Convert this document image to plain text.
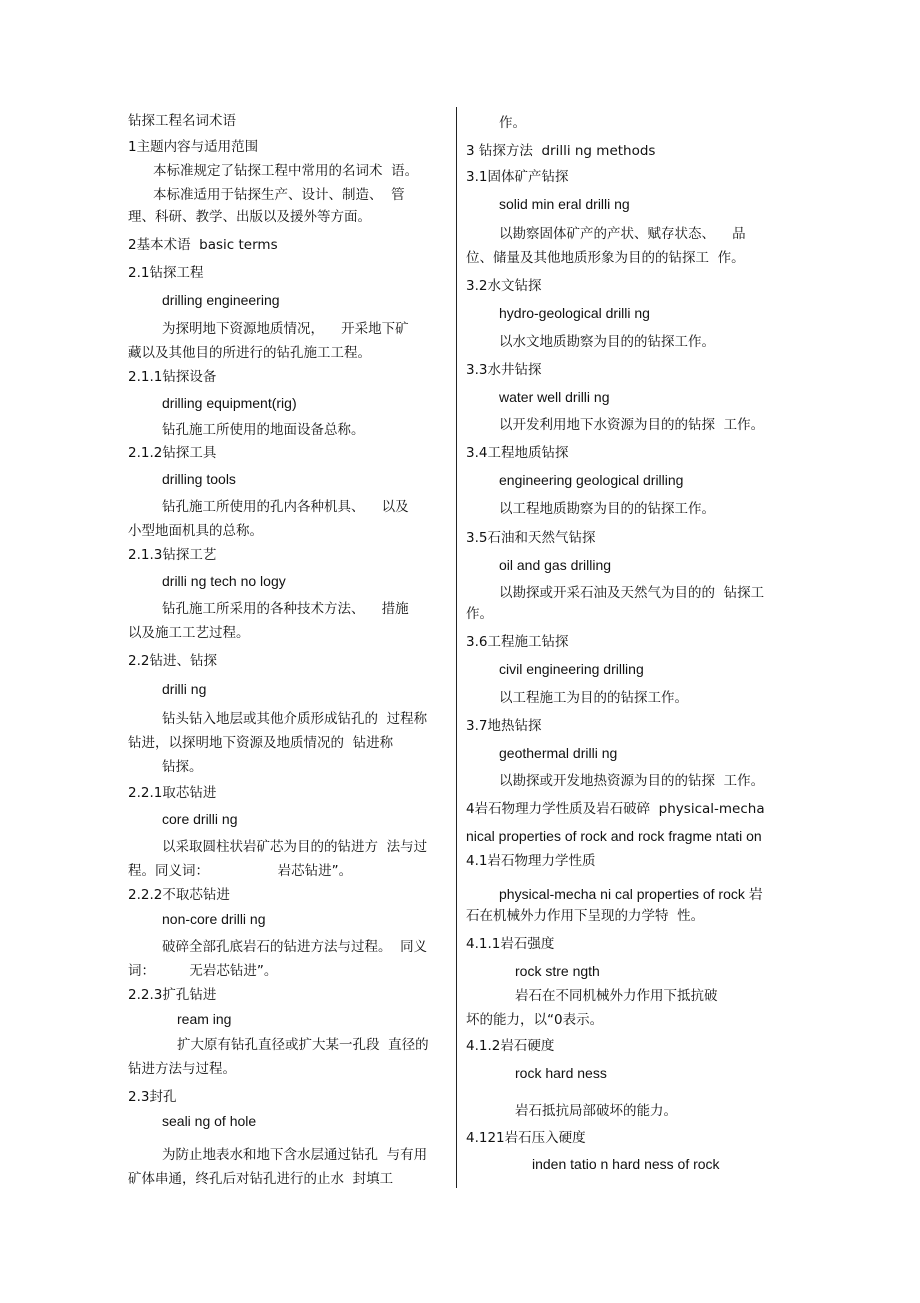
钻探工程名词术语
1主题内容与适用范围
本标准规定了钻探工程中常用的名词术  语。
本标准适用于钻探生产、设计、制造、  管
理、科研、教学、出版以及援外等方面。
2基本术语  basic terms
2.1钻探工程
drilling engineering
为探明地下资源地质情况，    开采地下矿
藏以及其他目的所进行的钻孔施工工程。
2.1.1钻探设备
drilling equipment(rig)
钻孔施工所使用的地面设备总称。
2.1.2钻探工具
drilling tools
钻孔施工所使用的孔内各种机具、    以及
小型地面机具的总称。
2.1.3钻探工艺
drilli ng tech no logy
钻孔施工所采用的各种技术方法、    措施
以及施工工艺过程。
2.2钻进、钻探
drilli ng
钻头钻入地层或其他介质形成钻孔的  过程称
钻进，以探明地下资源及地质情况的  钻进称
钻探。
2.2.1取芯钻进
core drilli ng
以采取圆柱状岩矿芯为目的的钻进方  法与过
程。同义词：                岩芯钻进”。
2.2.2不取芯钻进
non-core drilli ng
破碎全部孔底岩石的钻进方法与过程。  同义
词：        无岩芯钻进”。
2.2.3扩孔钻进
ream ing
扩大原有钻孔直径或扩大某一孔段  直径的
钻进方法与过程。
2.3封孔
seali ng of hole
为防止地表水和地下含水层通过钻孔  与有用
矿体串通，终孔后对钻孔进行的止水  封填工
作。
3 钻探方法  drilli ng methods
3.1固体矿产钻探
solid min eral drilli ng
以勘察固体矿产的产状、赋存状态、    品
位、储量及其他地质形象为目的的钻探工  作。
3.2水文钻探
hydro-geological drilli ng
以水文地质勘察为目的的钻探工作。
3.3水井钻探
water well drilli ng
以开发利用地下水资源为目的的钻探  工作。
3.4工程地质钻探
engineering geological drilling
以工程地质勘察为目的的钻探工作。
3.5石油和天然气钻探
oil and gas drilling
以勘探或开采石油及天然气为目的的  钻探工
作。
3.6工程施工钻探
civil engineering drilling
以工程施工为目的的钻探工作。
3.7地热钻探
geothermal drilli ng
以勘探或开发地热资源为目的的钻探  工作。
4岩石物理力学性质及岩石破碎  physical-mecha
nical properties of rock and rock fragme ntati on
4.1岩石物理力学性质
physical-mecha ni cal properties of rock 岩
石在机械外力作用下呈现的力学特  性。
4.1.1岩石强度
rock stre ngth
岩石在不同机械外力作用下抵抗破
坏的能力，以“0表示。
4.1.2岩石硬度
rock hard ness
岩石抵抗局部破坏的能力。
4.121岩石压入硬度
inden tatio n hard ness of rock
